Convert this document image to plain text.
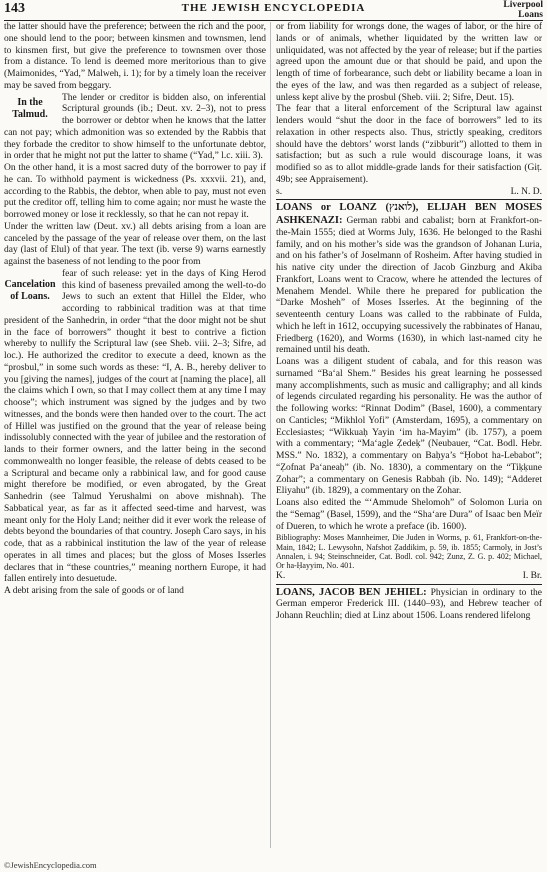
143	THE JEWISH ENCYCLOPEDIA	Liverpool
Loans

the latter should have the preference; between the rich and the poor, one should lend to the poor; between kinsmen and townsmen, lend to kinsmen first, but give the preference to townsmen over those from a distance. To lend is deemed more meritorious than to give (Maimonides, “Yad,” Malweh, i. 1); for by a timely loan the receiver may be saved from beggary.

In the Talmud.

The lender or creditor is bidden also, on inferential Scriptural grounds (ib.; Deut. xv. 2–3), not to press the borrower or debtor when he knows that the latter can not pay; which admonition was so extended by the Rabbis that they forbade the creditor to show himself to the unfortunate debtor, in order that he might not put the latter to shame (“Yad,” l.c. xiii. 3).

On the other hand, it is a most sacred duty of the borrower to pay if he can. To withhold payment is wickedness (Ps. xxxvii. 21), and, according to the Rabbis, the debtor, when able to pay, must not even put the creditor off, telling him to come again; nor must he waste the borrowed money or lose it recklessly, so that he can not repay it.

Under the written law (Deut. xv.) all debts arising from a loan are canceled by the passage of the year of release over them, on the last day (last of Elul) of that year. The text (ib. verse 9) warns earnestly against the baseness of not lending to the poor from

Cancelation of Loans.

fear of such release: yet in the days of King Herod this kind of baseness prevailed among the well-to-do Jews to such an extent that Hillel the Elder, who according to rabbinical tradition was at that time president of the Sanhedrin, in order “that the door might not be shut in the face of borrowers” thought it best to contrive a fiction whereby to nullify the Scriptural law (see Sheb. viii. 2–3; Sifre, ad loc.). He authorized the creditor to execute a deed, known as the “prosbul,” in some such words as these: “I, A. B., hereby deliver to you [giving the names], judges of the court at [naming the place], all the claims which I own, so that I may collect them at any time I may choose”; which instrument was signed by the judges and by two witnesses, and the bonds were then handed over to the court. The act of Hillel was justified on the ground that the year of release being indissolubly connected with the year of jubilee and the restoration of lands to their former owners, and the latter being in the second commonwealth no longer feasible, the release of debts ceased to be a Scriptural and became only a rabbinical law, and for good cause might therefore be modified, or even abrogated, by the Great Sanhedrin (see Talmud Yerushalmi on above mishnah). The Sabbatical year, as far as it affected seed-time and harvest, was meant only for the Holy Land; neither did it ever work the release of debts beyond the boundaries of that country. Joseph Caro says, in his code, that as a rabbinical institution the law of the year of release operates in all times and places; but the gloss of Moses Isserles declares that in “these countries,” meaning northern Europe, it had fallen entirely into desuetude.

A debt arising from the sale of goods or of land

or from liability for wrongs done, the wages of labor, or the hire of lands or of animals, whether liquidated by the written law or unliquidated, was not affected by the year of release; but if the parties agreed upon the amount due or that should be paid, and upon the length of time of forbearance, such debt or liability became a loan in the eyes of the law, and was then regarded as a subject of release, unless kept alive by the prosbul (Sheb. viii. 2; Sifre, Deut. 15).

The fear that a literal enforcement of the Scriptural law against lenders would “shut the door in the face of borrowers” led to its relaxation in other respects also. Thus, strictly speaking, creditors should have the debtors’ worst lands (“zibburit”) allotted to them in satisfaction; but as such a rule would discourage loans, it was modified so as to allot middle-grade lands for their satisfaction (Giṭ. 49b; see Appraisement).

s.	L. N. D.

LOANS or LOANZ (לואנץ), ELIJAH BEN MOSES ASHKENAZI: German rabbi and cabalist; born at Frankfort-on-the-Main 1555; died at Worms July, 1636. He belonged to the Rashi family, and on his mother’s side was the grandson of Johanan Luria, and on his father’s of Joselmann of Rosheim. After having studied in his native city under the direction of Jacob Ginzburg and Akiba Frankfort, Loans went to Cracow, where he attended the lectures of Menahem Mendel. While there he prepared for publication the “Darke Mosheh” of Moses Isserles. At the beginning of the seventeenth century Loans was called to the rabbinate of Fulda, which he left in 1612, occupying sucessively the rabbinates of Hanau, Friedberg (1620), and Worms (1630), in which last-named city he remained until his death.

Loans was a diligent student of cabala, and for this reason was surnamed “Ba‘al Shem.” Besides his great learning he possessed many accomplishments, such as music and calligraphy; and all kinds of legends circulated regarding his personality. He was the author of the following works: “Rinnat Dodim” (Basel, 1600), a commentary on Canticles; “Mikhlol Yofi” (Amsterdam, 1695), a commentary on Ecclesiastes; “Wikkuaḥ Yayin ‘im ha-Mayim” (ib. 1757), a poem with a commentary; “Ma‘agle Ẓedeḳ” (Neubauer, “Cat. Bodl. Hebr. MSS.” No. 1832), a commentary on Baḥya’s “Ḥobot ha-Lebabot”; “Ẓofnat Pa‘aneaḥ” (ib. No. 1830), a commentary on the “Tiḳḳune Zohar”; a commentary on Genesis Rabbah (ib. No. 149); “Adderet Eliyahu” (ib. 1829), a commentary on the Zohar.

Loans also edited the “‘Ammude Shelomoh” of Solomon Luria on the “Semag” (Basel, 1599), and the “Sha‘are Dura” of Isaac ben Meïr of Dueren, to which he wrote a preface (ib. 1600).

Bibliography: Moses Mannheimer, Die Juden in Worms, p. 61, Frankfort-on-the-Main, 1842; L. Lewysohn, Nafshot Ẓaddikim, p. 59, ib. 1855; Carmoly, in Jost’s Annalen, i. 94; Steinschneider, Cat. Bodl. col. 942; Zunz, Z. G. p. 402; Michael, Or ha-Ḥayyim, No. 401.

K.	I. Br.

LOANS, JACOB BEN JEHIEL: Physician in ordinary to the German emperor Frederick III. (1440–93), and Hebrew teacher of Johann Reuchlin; died at Linz about 1506. Loans rendered lifelong

©JewishEncyclopedia.com
